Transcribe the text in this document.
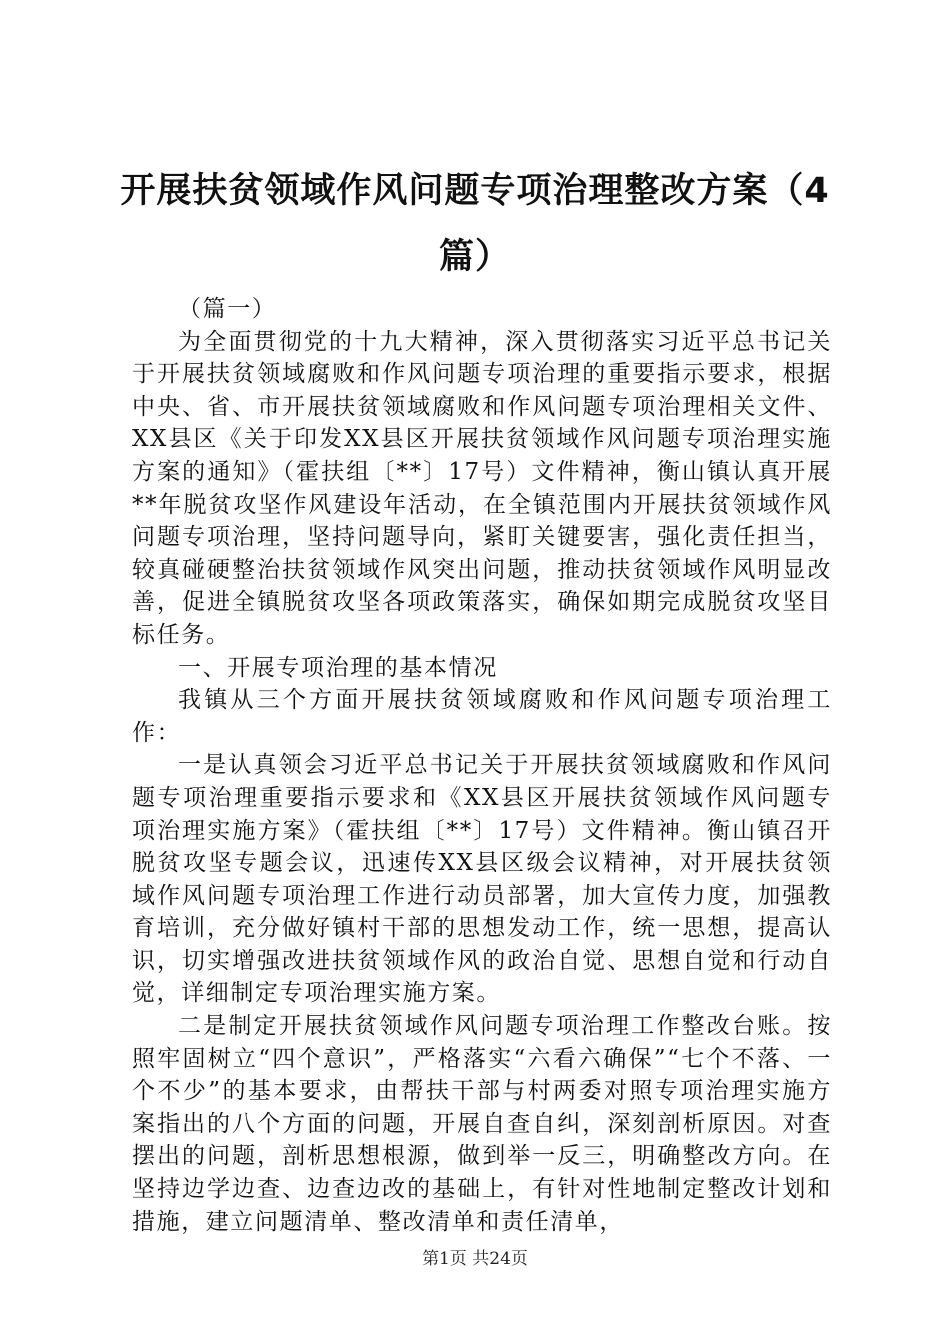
开展扶贫领域作风问题专项治理整改方案（4篇）

（篇一）

为全面贯彻党的十九大精神，深入贯彻落实习近平总书记关于开展扶贫领域腐败和作风问题专项治理的重要指示要求，根据中央、省、市开展扶贫领域腐败和作风问题专项治理相关文件、XX县区《关于印发XX县区开展扶贫领域作风问题专项治理实施方案的通知》（霍扶组〔**〕17号）文件精神，衡山镇认真开展**年脱贫攻坚作风建设年活动，在全镇范围内开展扶贫领域作风问题专项治理，坚持问题导向，紧盯关键要害，强化责任担当，较真碰硬整治扶贫领域作风突出问题，推动扶贫领域作风明显改善，促进全镇脱贫攻坚各项政策落实，确保如期完成脱贫攻坚目标任务。

一、开展专项治理的基本情况

我镇从三个方面开展扶贫领域腐败和作风问题专项治理工作：

一是认真领会习近平总书记关于开展扶贫领域腐败和作风问题专项治理重要指示要求和《XX县区开展扶贫领域作风问题专项治理实施方案》（霍扶组〔**〕17号）文件精神。衡山镇召开脱贫攻坚专题会议，迅速传XX县区级会议精神，对开展扶贫领域作风问题专项治理工作进行动员部署，加大宣传力度，加强教育培训，充分做好镇村干部的思想发动工作，统一思想，提高认识，切实增强改进扶贫领域作风的政治自觉、思想自觉和行动自觉，详细制定专项治理实施方案。

二是制定开展扶贫领域作风问题专项治理工作整改台账。按照牢固树立“四个意识”，严格落实“六看六确保”“七个不落、一个不少”的基本要求，由帮扶干部与村两委对照专项治理实施方案指出的八个方面的问题，开展自查自纠，深刻剖析原因。对查摆出的问题，剖析思想根源，做到举一反三，明确整改方向。在坚持边学边查、边查边改的基础上，有针对性地制定整改计划和措施，建立问题清单、整改清单和责任清单，

第1页 共24页
